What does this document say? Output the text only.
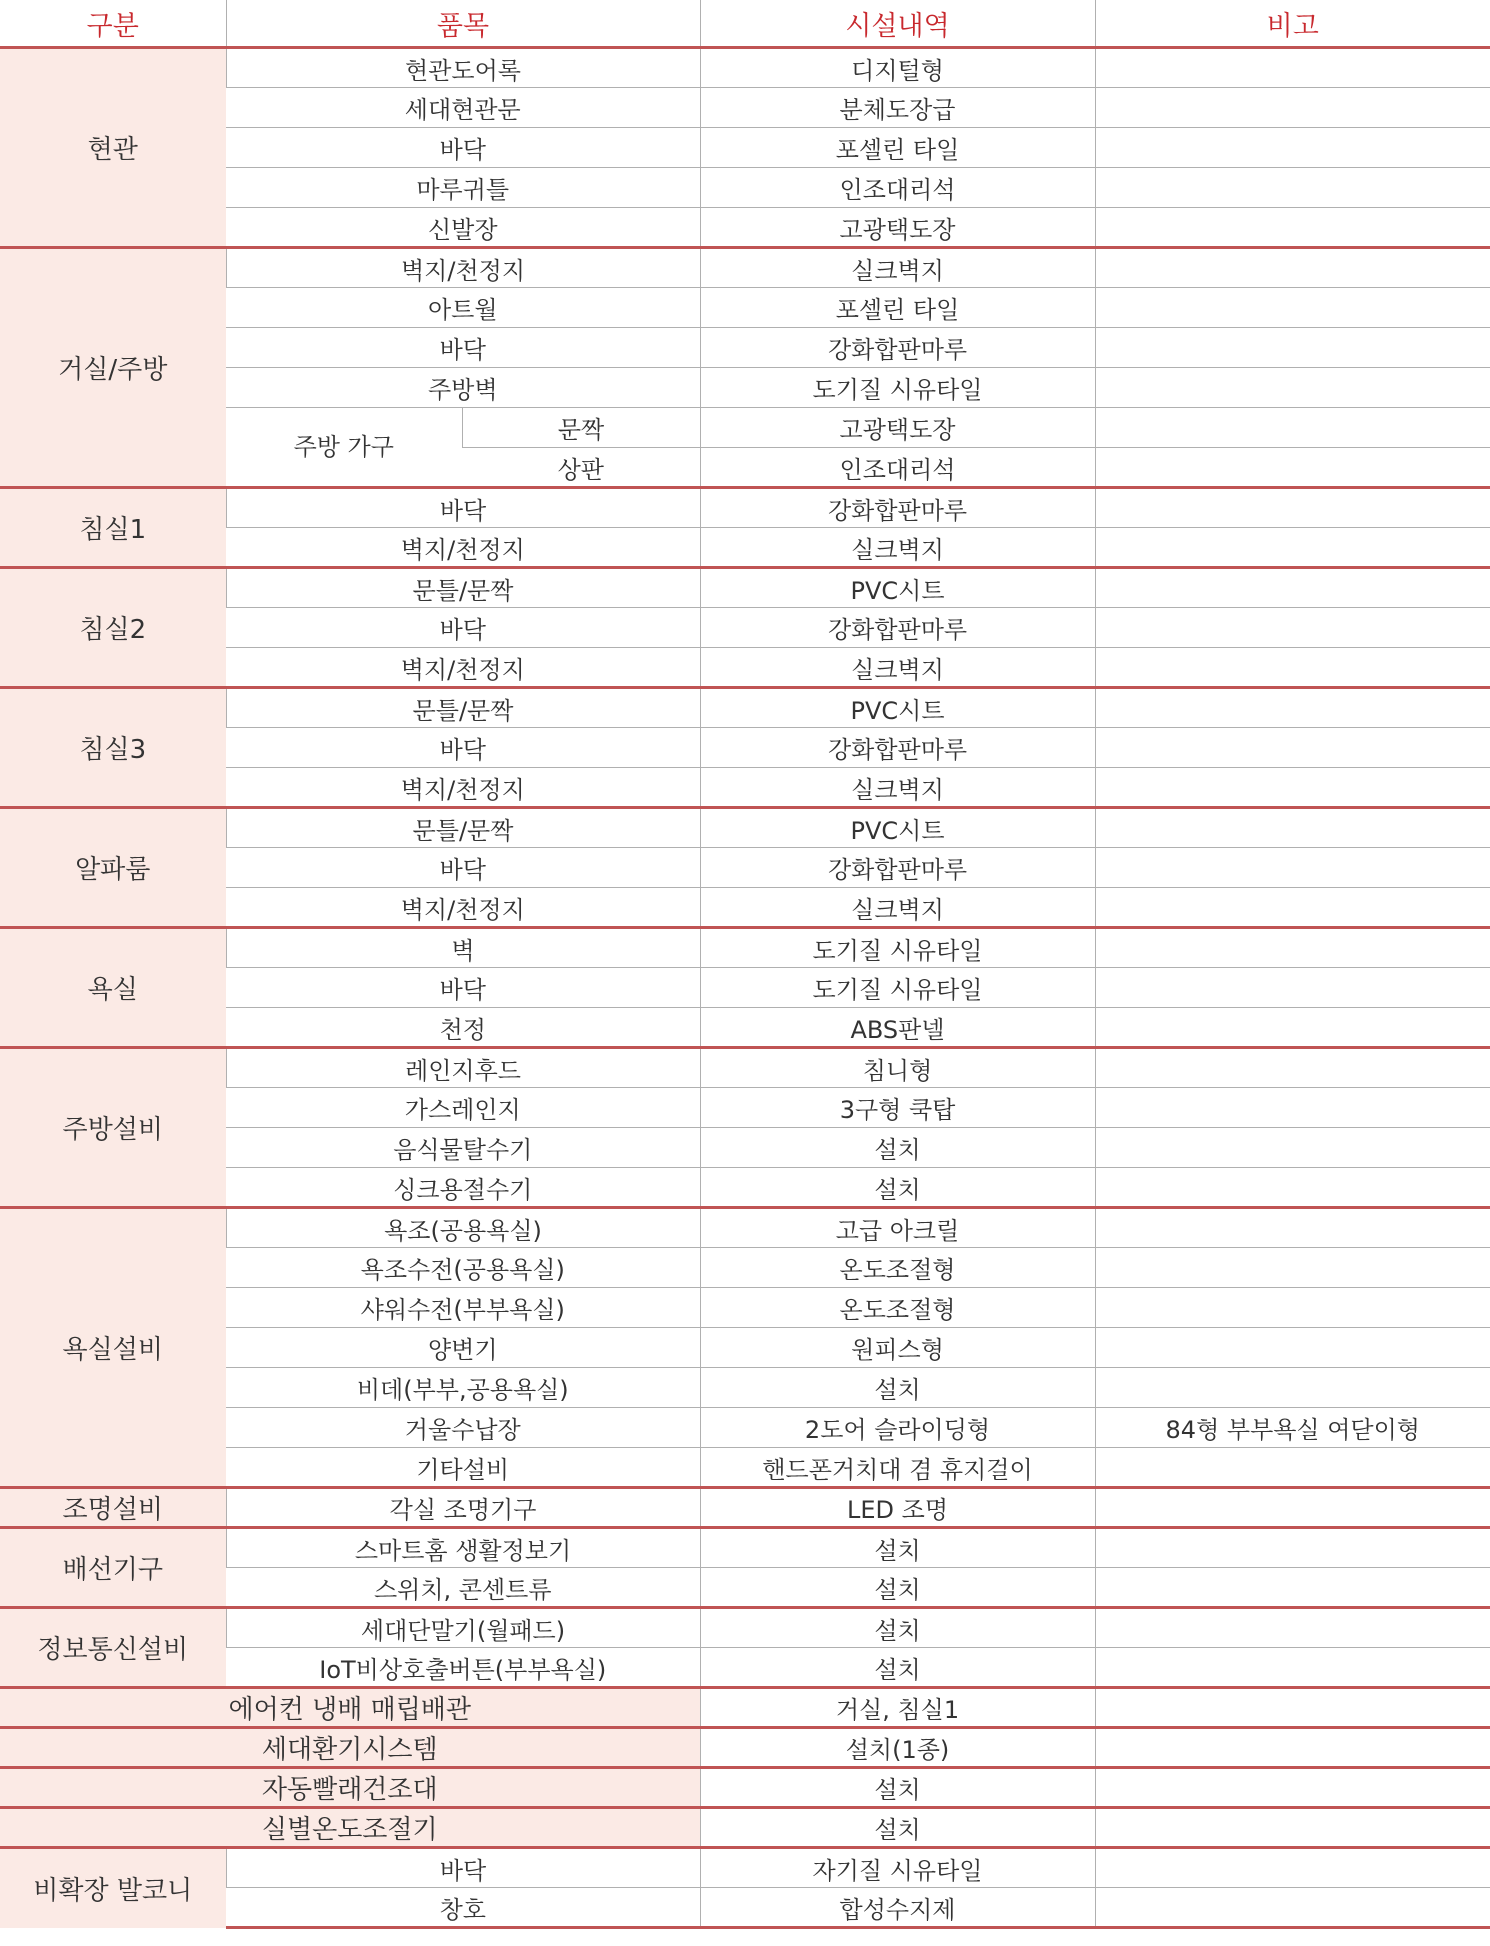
구분	품목		시설내역	비고
현관	현관도어록		디지털형	
	세대현관문		분체도장급	
	바닥		포셀린 타일	
	마루귀틀		인조대리석	
	신발장		고광택도장	
거실/주방	벽지/천정지		실크벽지	
	아트월		포셀린 타일	
	바닥		강화합판마루	
	주방벽		도기질 시유타일	
	주방 가구	문짝	고광택도장	
		상판	인조대리석	
침실1	바닥		강화합판마루	
	벽지/천정지		실크벽지	
침실2	문틀/문짝		PVC시트	
	바닥		강화합판마루	
	벽지/천정지		실크벽지	
침실3	문틀/문짝		PVC시트	
	바닥		강화합판마루	
	벽지/천정지		실크벽지	
알파룸	문틀/문짝		PVC시트	
	바닥		강화합판마루	
	벽지/천정지		실크벽지	
욕실	벽		도기질 시유타일	
	바닥		도기질 시유타일	
	천정		ABS판넬	
주방설비	레인지후드		침니형	
	가스레인지		3구형 쿡탑	
	음식물탈수기		설치	
	싱크용절수기		설치	
욕실설비	욕조(공용욕실)		고급 아크릴	
	욕조수전(공용욕실)		온도조절형	
	샤워수전(부부욕실)		온도조절형	
	양변기		원피스형	
	비데(부부,공용욕실)		설치	
	거울수납장		2도어 슬라이딩형	84형 부부욕실 여닫이형
	기타설비		핸드폰거치대 겸 휴지걸이	
조명설비	각실 조명기구		LED 조명	
배선기구	스마트홈 생활정보기		설치	
	스위치, 콘센트류		설치	
정보통신설비	세대단말기(월패드)		설치	
	IoT비상호출버튼(부부욕실)		설치	
에어컨 냉배 매립배관			거실, 침실1	
세대환기시스템			설치(1종)	
자동빨래건조대			설치	
실별온도조절기			설치	
비확장 발코니	바닥		자기질 시유타일	
	창호		합성수지제	
